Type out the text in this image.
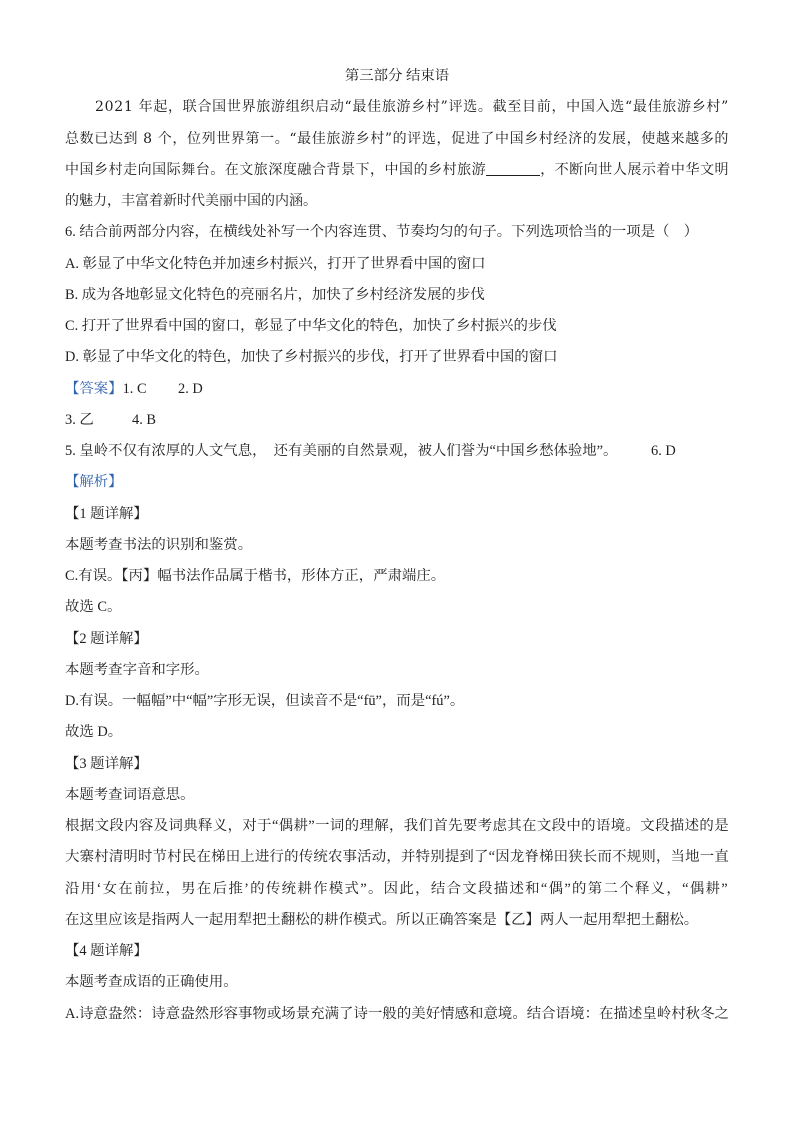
第三部分 结束语
2021 年起，联合国世界旅游组织启动“最佳旅游乡村”评选。截至目前，中国入选“最佳旅游乡村”
总数已达到 8 个，位列世界第一。“最佳旅游乡村”的评选，促进了中国乡村经济的发展，使越来越多的
中国乡村走向国际舞台。在文旅深度融合背景下，中国的乡村旅游	，不断向世人展示着中华文明
的魅力，丰富着新时代美丽中国的内涵。
6. 结合前两部分内容，在横线处补写一个内容连贯、节奏均匀的句子。下列选项恰当的一项是（    ）
A. 彰显了中华文化特色并加速乡村振兴，打开了世界看中国的窗口
B. 成为各地彰显文化特色的亮丽名片，加快了乡村经济发展的步伐
C. 打开了世界看中国的窗口，彰显了中华文化的特色，加快了乡村振兴的步伐
D. 彰显了中华文化的特色，加快了乡村振兴的步伐，打开了世界看中国的窗口
【答案】1. C 2. D
3. 乙	4. B
5. 皇岭不仅有浓厚的人文气息，  还有美丽的自然景观，被人们誉为“中国乡愁体验地”。 6. D
【解析】
【1 题详解】
本题考查书法的识别和鉴赏。
C.有误。【丙】幅书法作品属于楷书，形体方正，严肃端庄。
故选 C。
【2 题详解】
本题考查字音和字形。
D.有误。一幅幅”中“幅”字形无误，但读音不是“fū”，而是“fú”。
故选 D。
【3 题详解】
本题考查词语意思。
根据文段内容及词典释义，对于“偶耕”一词的理解，我们首先要考虑其在文段中的语境。文段描述的是
大寨村清明时节村民在梯田上进行的传统农事活动，并特别提到了“因龙脊梯田狭长而不规则，当地一直
沿用‘女在前拉，男在后推’的传统耕作模式”。因此，结合文段描述和“偶”的第二个释义，“偶耕”
在这里应该是指两人一起用犁把土翻松的耕作模式。所以正确答案是【乙】两人一起用犁把土翻松。
【4 题详解】
本题考查成语的正确使用。
A.诗意盎然：诗意盎然形容事物或场景充满了诗一般的美好情感和意境。结合语境：在描述皇岭村秋冬之
